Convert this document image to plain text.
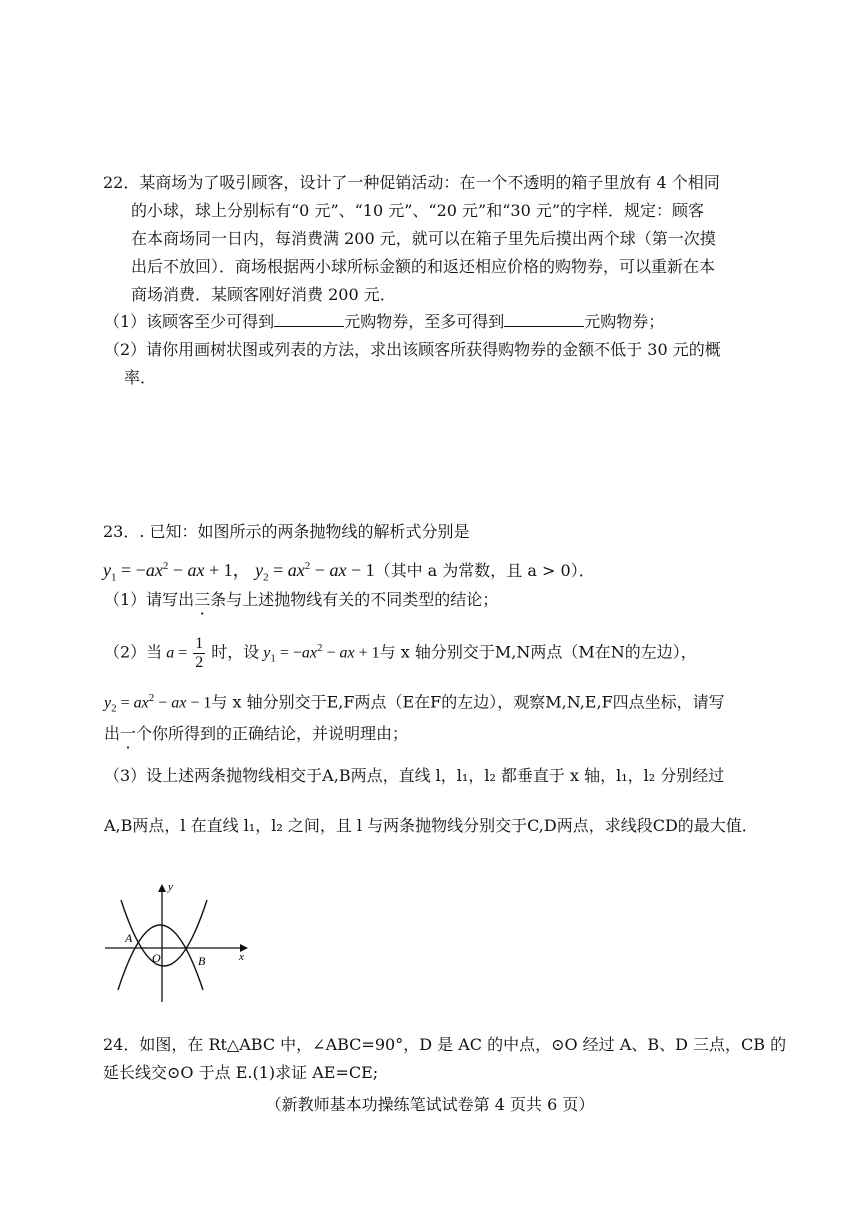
22．某商场为了吸引顾客，设计了一种促销活动：在一个不透明的箱子里放有 4 个相同
的小球，球上分别标有“0 元”、“10 元”、“20 元”和“30 元”的字样．规定：顾客
在本商场同一日内，每消费满 200 元，就可以在箱子里先后摸出两个球（第一次摸
出后不放回）．商场根据两小球所标金额的和返还相应价格的购物券，可以重新在本
商场消费．某顾客刚好消费 200 元．
（1）该顾客至少可得到	元购物券，至多可得到	元购物券；
（2）请你用画树状图或列表的方法，求出该顾客所获得购物券的金额不低于 30 元的概
率．
23．. 已知：如图所示的两条抛物线的解析式分别是
$y_1 = -ax^2$ − ax + 1， $y_2 = ax^2$ − ax − 1（其中 a 为常数，且 a > 0）．
（1）请写出三条与上述抛物线有关的不同类型的结论；
（2）当 $a = \frac{1}{2}$ 时，设 $y_1 = -ax^2$ − ax + 1与 x 轴分别交于M,N两点（M在N的左边），
$y_2 = ax^2$ − ax − 1与 x 轴分别交于E,F两点（E在F的左边），观察M,N,E,F四点坐标，请写
出一个你所得到的正确结论，并说明理由；
（3）设上述两条抛物线相交于A,B两点，直线 l，l₁，l₂ 都垂直于 x 轴，l₁，l₂ 分别经过
A,B两点，l 在直线 l₁，l₂ 之间，且 l 与两条抛物线分别交于C,D两点，求线段CD的最大值．
A
B
O	x
y
24．如图，在 Rt△ABC 中，∠ABC=90°，D 是 AC 的中点，⊙O 经过 A、B、D 三点，CB 的
延长线交⊙O 于点 E.(1)求证 AE=CE;
（新教师基本功操练笔试试卷第 4 页共 6 页）
